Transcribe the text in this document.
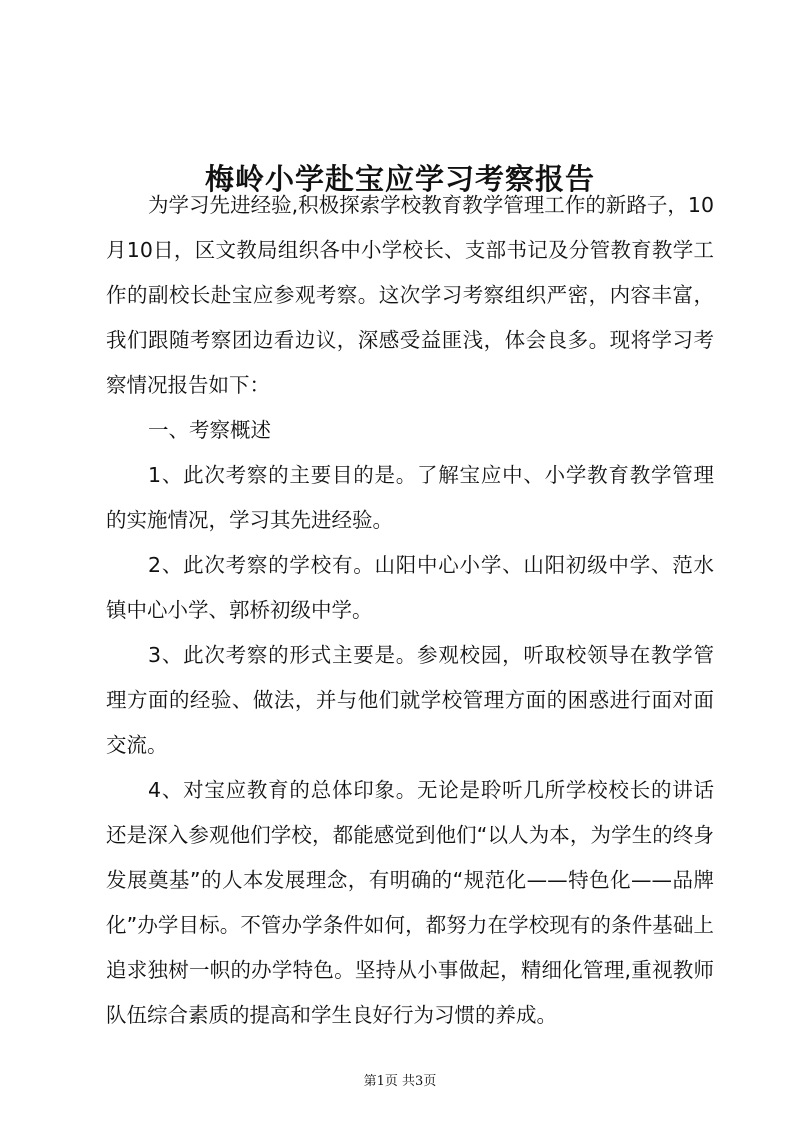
梅岭小学赴宝应学习考察报告

为学习先进经验,积极探索学校教育教学管理工作的新路子，10月10日，区文教局组织各中小学校长、支部书记及分管教育教学工作的副校长赴宝应参观考察。这次学习考察组织严密，内容丰富，我们跟随考察团边看边议，深感受益匪浅，体会良多。现将学习考察情况报告如下：

一、考察概述

1、此次考察的主要目的是。了解宝应中、小学教育教学管理的实施情况，学习其先进经验。

2、此次考察的学校有。山阳中心小学、山阳初级中学、范水镇中心小学、郭桥初级中学。

3、此次考察的形式主要是。参观校园，听取校领导在教学管理方面的经验、做法，并与他们就学校管理方面的困惑进行面对面交流。

4、对宝应教育的总体印象。无论是聆听几所学校校长的讲话还是深入参观他们学校，都能感觉到他们“以人为本，为学生的终身发展奠基”的人本发展理念，有明确的“规范化——特色化——品牌化”办学目标。不管办学条件如何，都努力在学校现有的条件基础上追求独树一帜的办学特色。坚持从小事做起，精细化管理,重视教师队伍综合素质的提高和学生良好行为习惯的养成。

第1页 共3页
